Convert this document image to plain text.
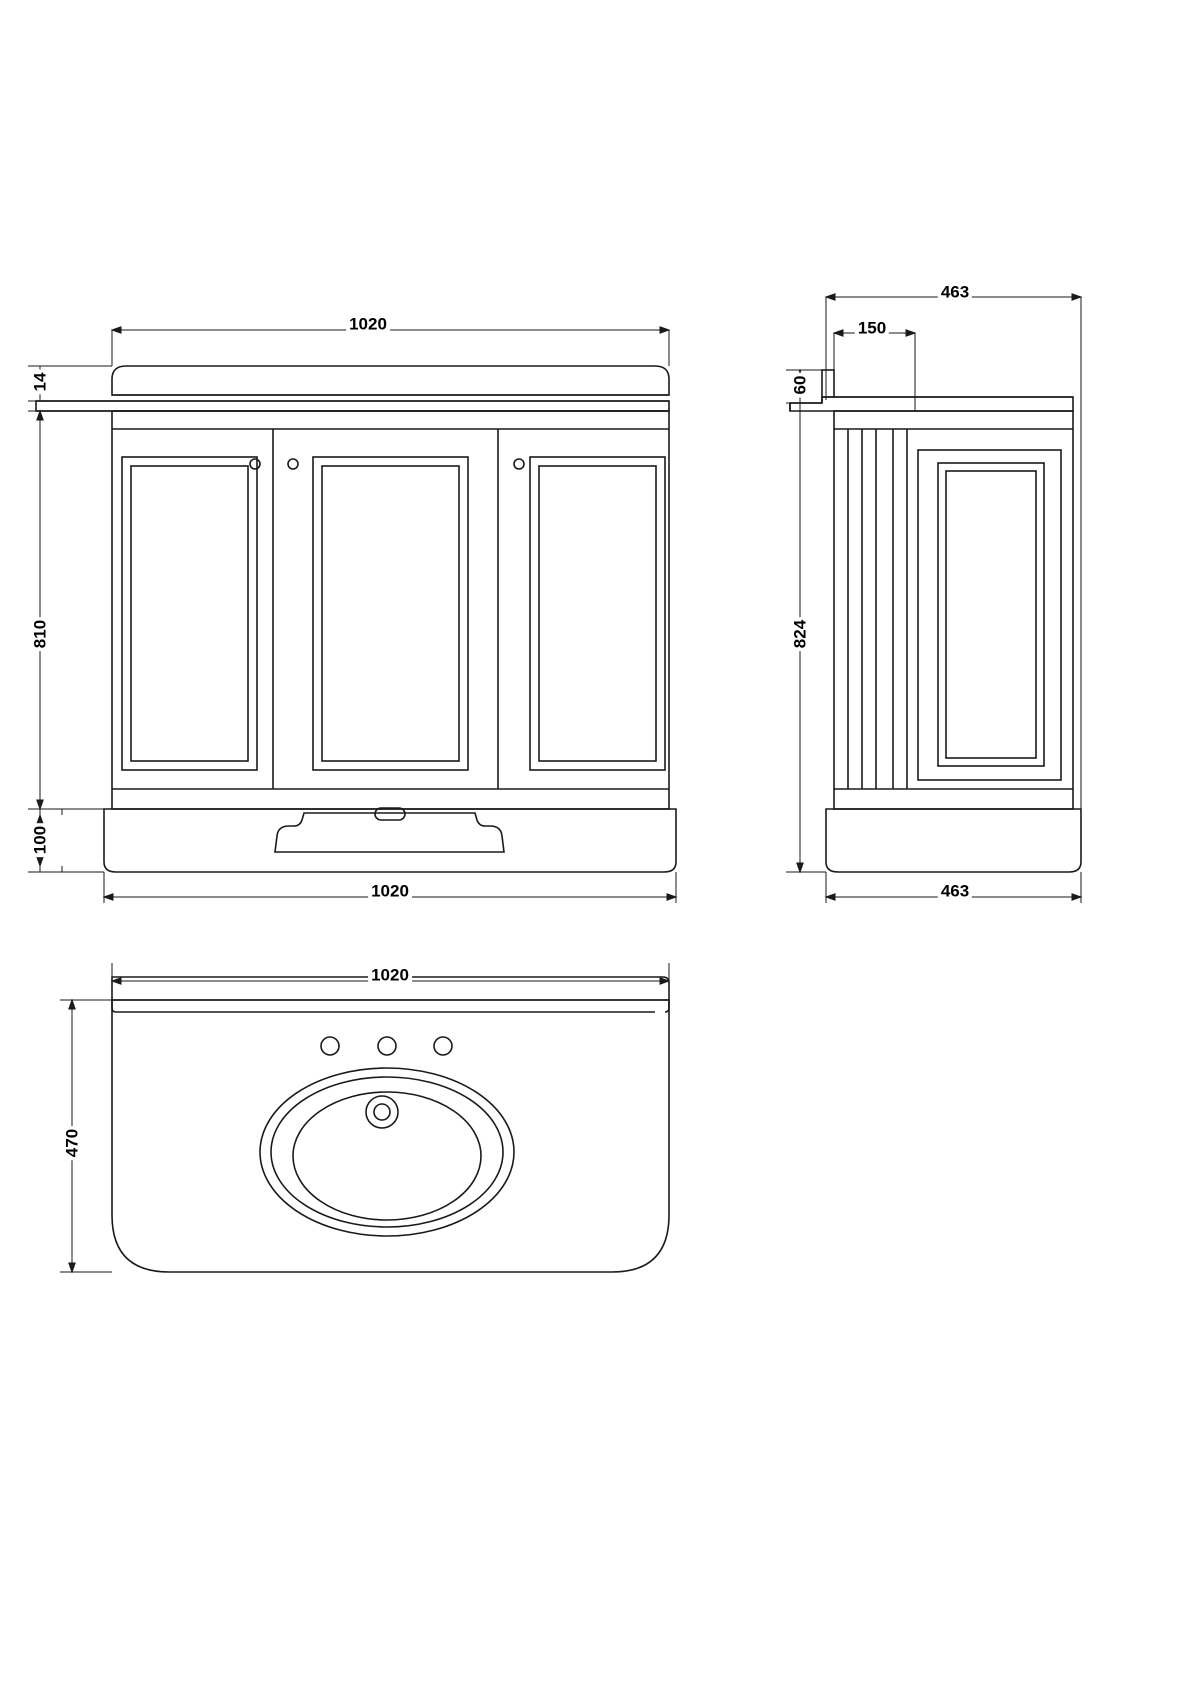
1020
1020
810
100
14
463
150
463
824
60
1020
470
